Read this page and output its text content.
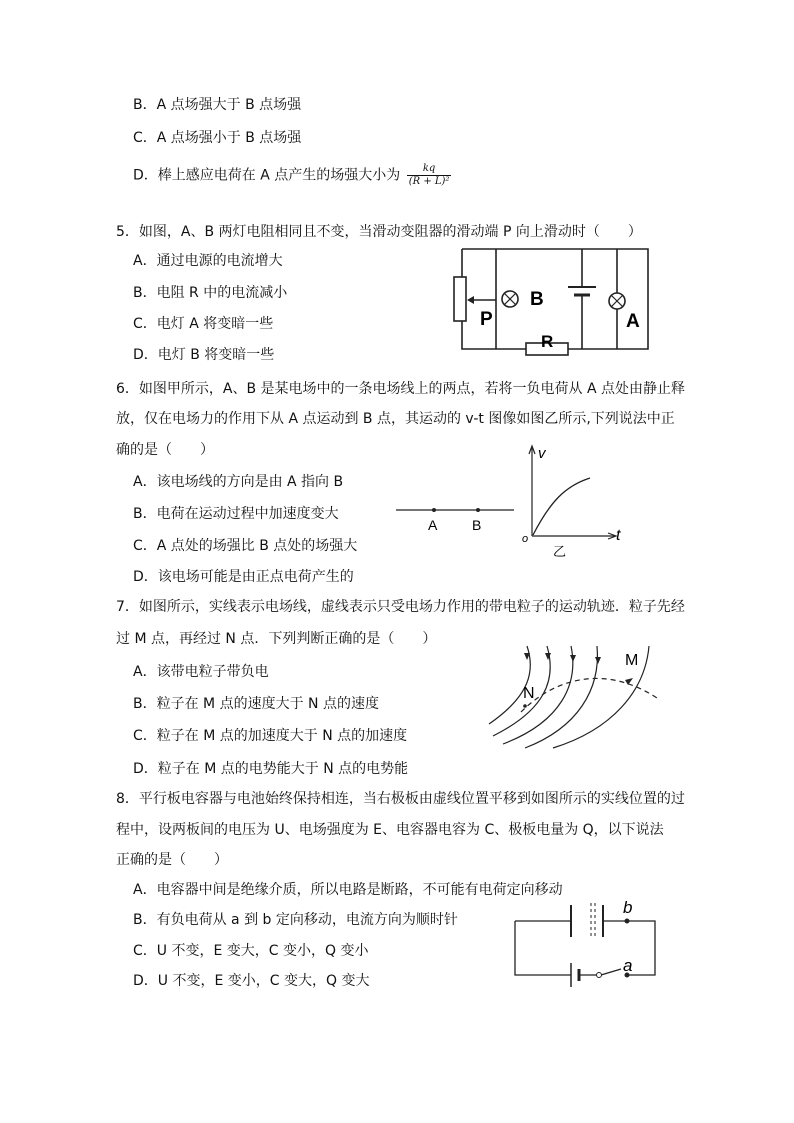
B．A 点场强大于 B 点场强
C．A 点场强小于 B 点场强
D．棒上感应电荷在 A 点产生的场强大小为 $\frac{kq}{\text{(R + L)²}}$
5．如图，A、B 两灯电阻相同且不变，当滑动变阻器的滑动端 P 向上滑动时（　　）
A．通过电源的电流增大
B．电阻 R 中的电流减小
C．电灯 A 将变暗一些
D．电灯 B 将变暗一些
P
B
A
R
6．如图甲所示，A、B 是某电场中的一条电场线上的两点，若将一负电荷从 A 点处由静止释
放，仅在电场力的作用下从 A 点运动到 B 点，其运动的 v-t 图像如图乙所示,下列说法中正
确的是（　　）
A．该电场线的方向是由 A 指向 B
B．电荷在运动过程中加速度变大
C．A 点处的场强比 B 点处的场强大
D．该电场可能是由正点电荷产生的
A B
v
t
o
乙
7．如图所示，实线表示电场线，虚线表示只受电场力作用的带电粒子的运动轨迹．粒子先经
过 M 点，再经过 N 点．下列判断正确的是（　　）
A．该带电粒子带负电
B．粒子在 M 点的速度大于 N 点的速度
C．粒子在 M 点的加速度大于 N 点的加速度
D．粒子在 M 点的电势能大于 N 点的电势能
M
N
8．平行板电容器与电池始终保持相连，当右极板由虚线位置平移到如图所示的实线位置的过
程中，设两板间的电压为 U、电场强度为 E、电容器电容为 C、极板电量为 Q，以下说法
正确的是（　　）
A．电容器中间是绝缘介质，所以电路是断路，不可能有电荷定向移动
B．有负电荷从 a 到 b 定向移动，电流方向为顺时针
C．U 不变，E 变大，C 变小，Q 变小
D．U 不变，E 变小，C 变大，Q 变大
b
a
